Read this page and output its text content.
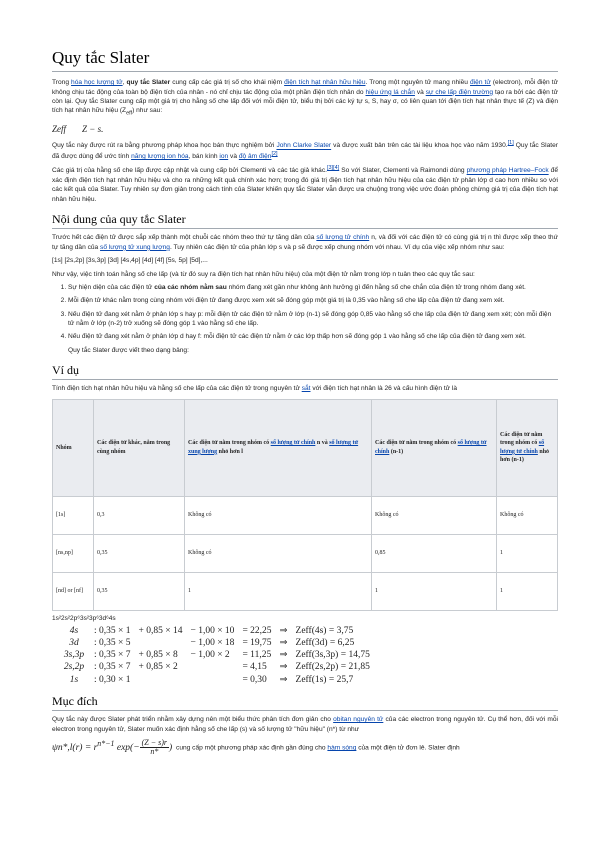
Quy tắc Slater

Trong hóa học lượng tử, quy tắc Slater cung cấp các giá trị số cho khái niệm điện tích hạt nhân hữu hiệu. Trong một nguyên tử mang nhiều điện tử (electron), mỗi điện tử không chịu tác động của toàn bộ điện tích của nhân - nó chỉ chịu tác động của một phần điện tích nhân do hiệu ứng lá chắn và sự che lấp điện trường tạo ra bởi các điện tử còn lại. Quy tắc Slater cung cấp một giá trị cho hằng số che lấp đối với mỗi điện tử, biểu thị bởi các ký tự s, S, hay σ, có liên quan tới điện tích hạt nhân thực tế (Z) và điện tích hạt nhân hữu hiệu $(Z_{eff})$ như sau:

Zeff Z − s.

Quy tắc này được rút ra bằng phương pháp khoa học bán thực nghiệm bởi John Clarke Slater và được xuất bản trên các tài liệu khoa học vào năm 1930.[1] Quy tắc Slater đã được dùng để ước tính năng lượng ion hóa, bán kính ion và độ âm điện[2]

Các giá trị của hằng số che lấp được cập nhật và cung cấp bởi Clementi và các tác giả khác.[3][4] So với Slater, Clementi và Raimondi dùng phương pháp Hartree–Fock để xác định điện tích hạt nhân hữu hiệu và cho ra những kết quả chính xác hơn; trong đó giá trị điện tích hạt nhân hữu hiệu của các điện tử phân lớp d cao hơn nhiều so với các kết quả của Slater. Tuy nhiên sự đơn giản trong cách tính của Slater khiến quy tắc Slater vẫn được ưa chuộng trong việc ước đoán phỏng chừng giá trị của điện tích hạt nhân hữu hiệu.

Nội dung của quy tắc Slater

Trước hết các điện tử được sắp xếp thành một chuỗi các nhóm theo thứ tự tăng dần của số lượng tử chính n, và đối với các điện tử có cùng giá trị n thì được xếp theo thứ tự tăng dần của số lượng tử xung lượng. Tuy nhiên các điện tử của phân lớp s và p sẽ được xếp chung nhóm với nhau. Ví dụ của việc xếp nhóm như sau:

[1s] [2s,2p] [3s,3p] [3d] [4s,4p] [4d] [4f] [5s, 5p] [5d],...

Như vậy, việc tính toán hằng số che lấp (và từ đó suy ra điện tích hạt nhân hữu hiệu) của một điện tử nằm trong lớp n tuân theo các quy tắc sau:

1. Sự hiện diện của các điện tử của các nhóm nằm sau nhóm đang xét gần như không ảnh hưởng gì đến hằng số che chắn của điện tử trong nhóm đang xét.
2. Mỗi điện tử khác nằm trong cùng nhóm với điện tử đang được xem xét sẽ đóng góp một giá trị là 0,35 vào hằng số che lấp của điện tử đang xem xét.
3. Nếu điện tử đang xét nằm ở phân lớp s hay p: mỗi điện tử các điện tử nằm ở lớp (n-1) sẽ đóng góp 0,85 vào hằng số che lấp của điện tử đang xem xét; còn mỗi điện tử nằm ở lớp (n-2) trở xuống sẽ đóng góp 1 vào hằng số che lấp.
4. Nếu điện tử đang xét nằm ở phân lớp d hay f: mỗi điện tử các điện tử nằm ở các lớp thấp hơn sẽ đóng góp 1 vào hằng số che lấp của điện tử đang xem xét.

Quy tắc Slater được viết theo dạng bảng:

Ví dụ

Tính điện tích hạt nhân hữu hiệu và hằng số che lấp của các điện tử trong nguyên tử sắt với điện tích hạt nhân là 26 và cấu hình điện tử là

Nhóm	Các điện tử khác, nằm trong cùng nhóm	Các điện tử nằm trong nhóm có số lượng tử chính n và số lượng tử xung lượng nhỏ hơn l	Các điện tử nằm trong nhóm có số lượng tử chính (n-1)	Các điện tử nằm trong nhóm có số lượng tử chính nhỏ hơn (n-1)
[1s]	0,3	Không có	Không có	Không có
[ns,np]	0,35	Không có	0,85	1
[nd] or [nf]	0,35	1	1	1
1s²2s²2p⁶3s²3p⁶3d⁶4s
4s	: 0,35 × 1	+ 0,85 × 14	− 1,00 × 10	= 22,25	⇒	Zeff(4s) = 3,75
3d	: 0,35 × 5		− 1,00 × 18	= 19,75	⇒	Zeff(3d) = 6,25
3s,3p	: 0,35 × 7	+ 0,85 × 8	− 1,00 × 2	= 11,25	⇒	Zeff(3s,3p) = 14,75
2s,2p	: 0,35 × 7	+ 0,85 × 2		= 4,15	⇒	Zeff(2s,2p) = 21,85
1s	: 0,30 × 1			= 0,30	⇒	Zeff(1s) = 25,7
Mục đích

Quy tắc này được Slater phát triển nhằm xây dựng nên một biểu thức phân tích đơn giản cho obitan nguyên tử của các electron trong nguyên tử. Cụ thể hơn, đối với mỗi electron trong nguyên tử, Slater muốn xác định hằng số che lấp (s) và số lượng tử "hữu hiệu" (n*) từ như

$\psi n*,l(r) = r^{n*-1}$ $\exp(- \frac{(Z - s)r}{n*}$ ) cung cấp một phương pháp xác định gần đúng cho hàm sóng của một điện tử đơn lẻ. Slater định
